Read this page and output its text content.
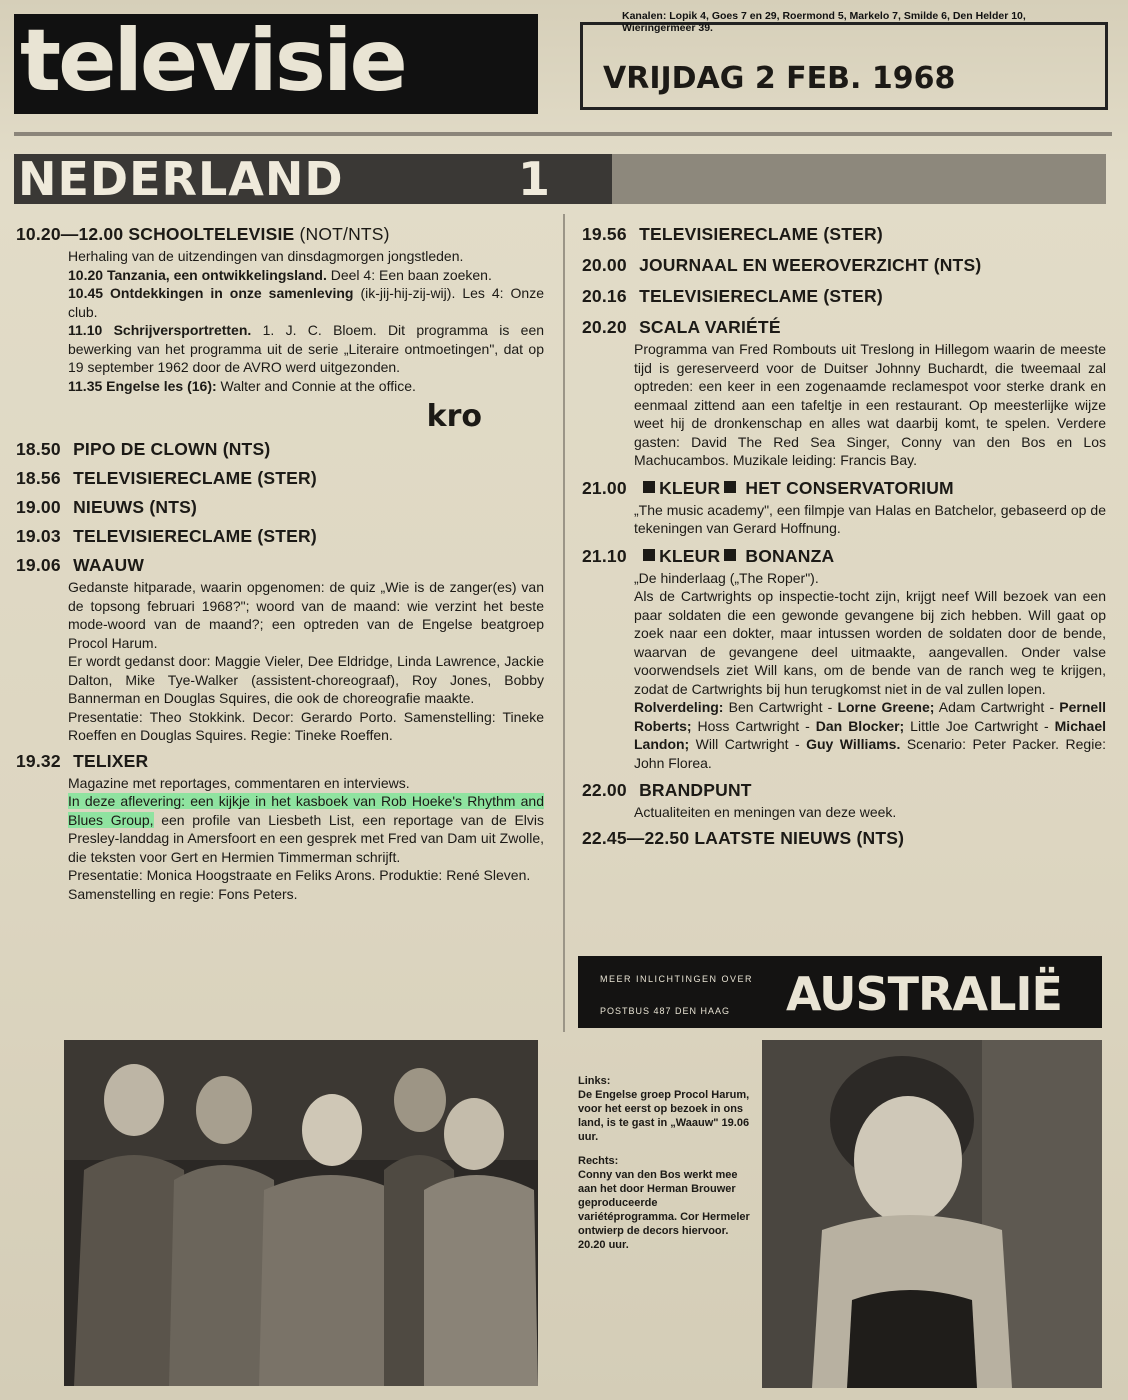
televisie	VRIJDAG 2 FEB. 1968
NEDERLAND	1
Kanalen: Lopik 4, Goes 7 en 29, Roermond 5, Markelo 7, Smilde 6, Den Helder 10, Wieringermeer 39.
10.20—12.00 SCHOOLTELEVISIE (NOT/NTS)

Herhaling van de uitzendingen van dinsdagmorgen jongstleden.

10.20 Tanzania, een ontwikkelingsland. Deel 4: Een baan zoeken.

10.45 Ontdekkingen in onze samenleving (ik-jij-hij-zij-wij). Les 4: Onze club.

11.10 Schrijversportretten. 1. J. C. Bloem. Dit programma is een bewerking van het programma uit de serie „Literaire ontmoetingen", dat op 19 september 1962 door de AVRO werd uitgezonden.

11.35 Engelse les (16): Walter and Connie at the office.

kro
18.50 PIPO DE CLOWN (NTS)
18.56 TELEVISIERECLAME (STER)
19.00 NIEUWS (NTS)
19.03 TELEVISIERECLAME (STER)
19.06 WAAUW

Gedanste hitparade, waarin opgenomen: de quiz „Wie is de zanger(es) van de topsong februari 1968?"; woord van de maand: wie verzint het beste mode-woord van de maand?; een optreden van de Engelse beatgroep Procol Harum.

Er wordt gedanst door: Maggie Vieler, Dee Eldridge, Linda Lawrence, Jackie Dalton, Mike Tye-Walker (assistent-choreograaf), Roy Jones, Bobby Bannerman en Douglas Squires, die ook de choreografie maakte.

Presentatie: Theo Stokkink. Decor: Gerardo Porto. Samenstelling: Tineke Roeffen en Douglas Squires. Regie: Tineke Roeffen.

19.32 TELIXER

Magazine met reportages, commentaren en interviews.

In deze aflevering: een kijkje in het kasboek van Rob Hoeke's Rhythm and Blues Group, een profile van Liesbeth List, een reportage van de Elvis Presley-landdag in Amersfoort en een gesprek met Fred van Dam uit Zwolle, die teksten voor Gert en Hermien Timmerman schrijft.

Presentatie: Monica Hoogstraate en Feliks Arons. Produktie: René Sleven.

Samenstelling en regie: Fons Peters.

19.56 TELEVISIERECLAME (STER)
20.00 JOURNAAL EN WEEROVERZICHT (NTS)
20.16 TELEVISIERECLAME (STER)
20.20 SCALA VARIÉTÉ

Programma van Fred Rombouts uit Treslong in Hillegom waarin de meeste tijd is gereserveerd voor de Duitser Johnny Buchardt, die tweemaal zal optreden: een keer in een zogenaamde reclamespot voor sterke drank en eenmaal zittend aan een tafeltje in een restaurant. Op meesterlijke wijze weet hij de dronkenschap en alles wat daarbij komt, te spelen. Verdere gasten: David The Red Sea Singer, Conny van den Bos en Los Machucambos. Muzikale leiding: Francis Bay.

21.00 KLEUR HET CONSERVATORIUM

„The music academy", een filmpje van Halas en Batchelor, gebaseerd op de tekeningen van Gerard Hoffnung.

21.10 KLEUR BONANZA

„De hinderlaag („The Roper").

Als de Cartwrights op inspectie-tocht zijn, krijgt neef Will bezoek van een paar soldaten die een gewonde gevangene bij zich hebben. Will gaat op zoek naar een dokter, maar intussen worden de soldaten door de bende, waarvan de gevangene deel uitmaakte, aangevallen. Onder valse voorwendsels ziet Will kans, om de bende van de ranch weg te krijgen, zodat de Cartwrights bij hun terugkomst niet in de val zullen lopen.

Rolverdeling: Ben Cartwright - Lorne Greene; Adam Cartwright - Pernell Roberts; Hoss Cartwright - Dan Blocker; Little Joe Cartwright - Michael Landon; Will Cartwright - Guy Williams. Scenario: Peter Packer. Regie: John Florea.

22.00 BRANDPUNT

Actualiteiten en meningen van deze week.

22.45—22.50 LAATSTE NIEUWS (NTS)
MEER INLICHTINGEN OVER
POSTBUS 487 DEN HAAG AUSTRALIË

Links:
De Engelse groep Procol Harum, voor het eerst op bezoek in ons land, is te gast in „Waauw" 19.06 uur.

Rechts:
Conny van den Bos werkt mee aan het door Herman Brouwer geproduceerde variétéprogramma. Cor Hermeler ontwierp de decors hiervoor. 20.20 uur.
